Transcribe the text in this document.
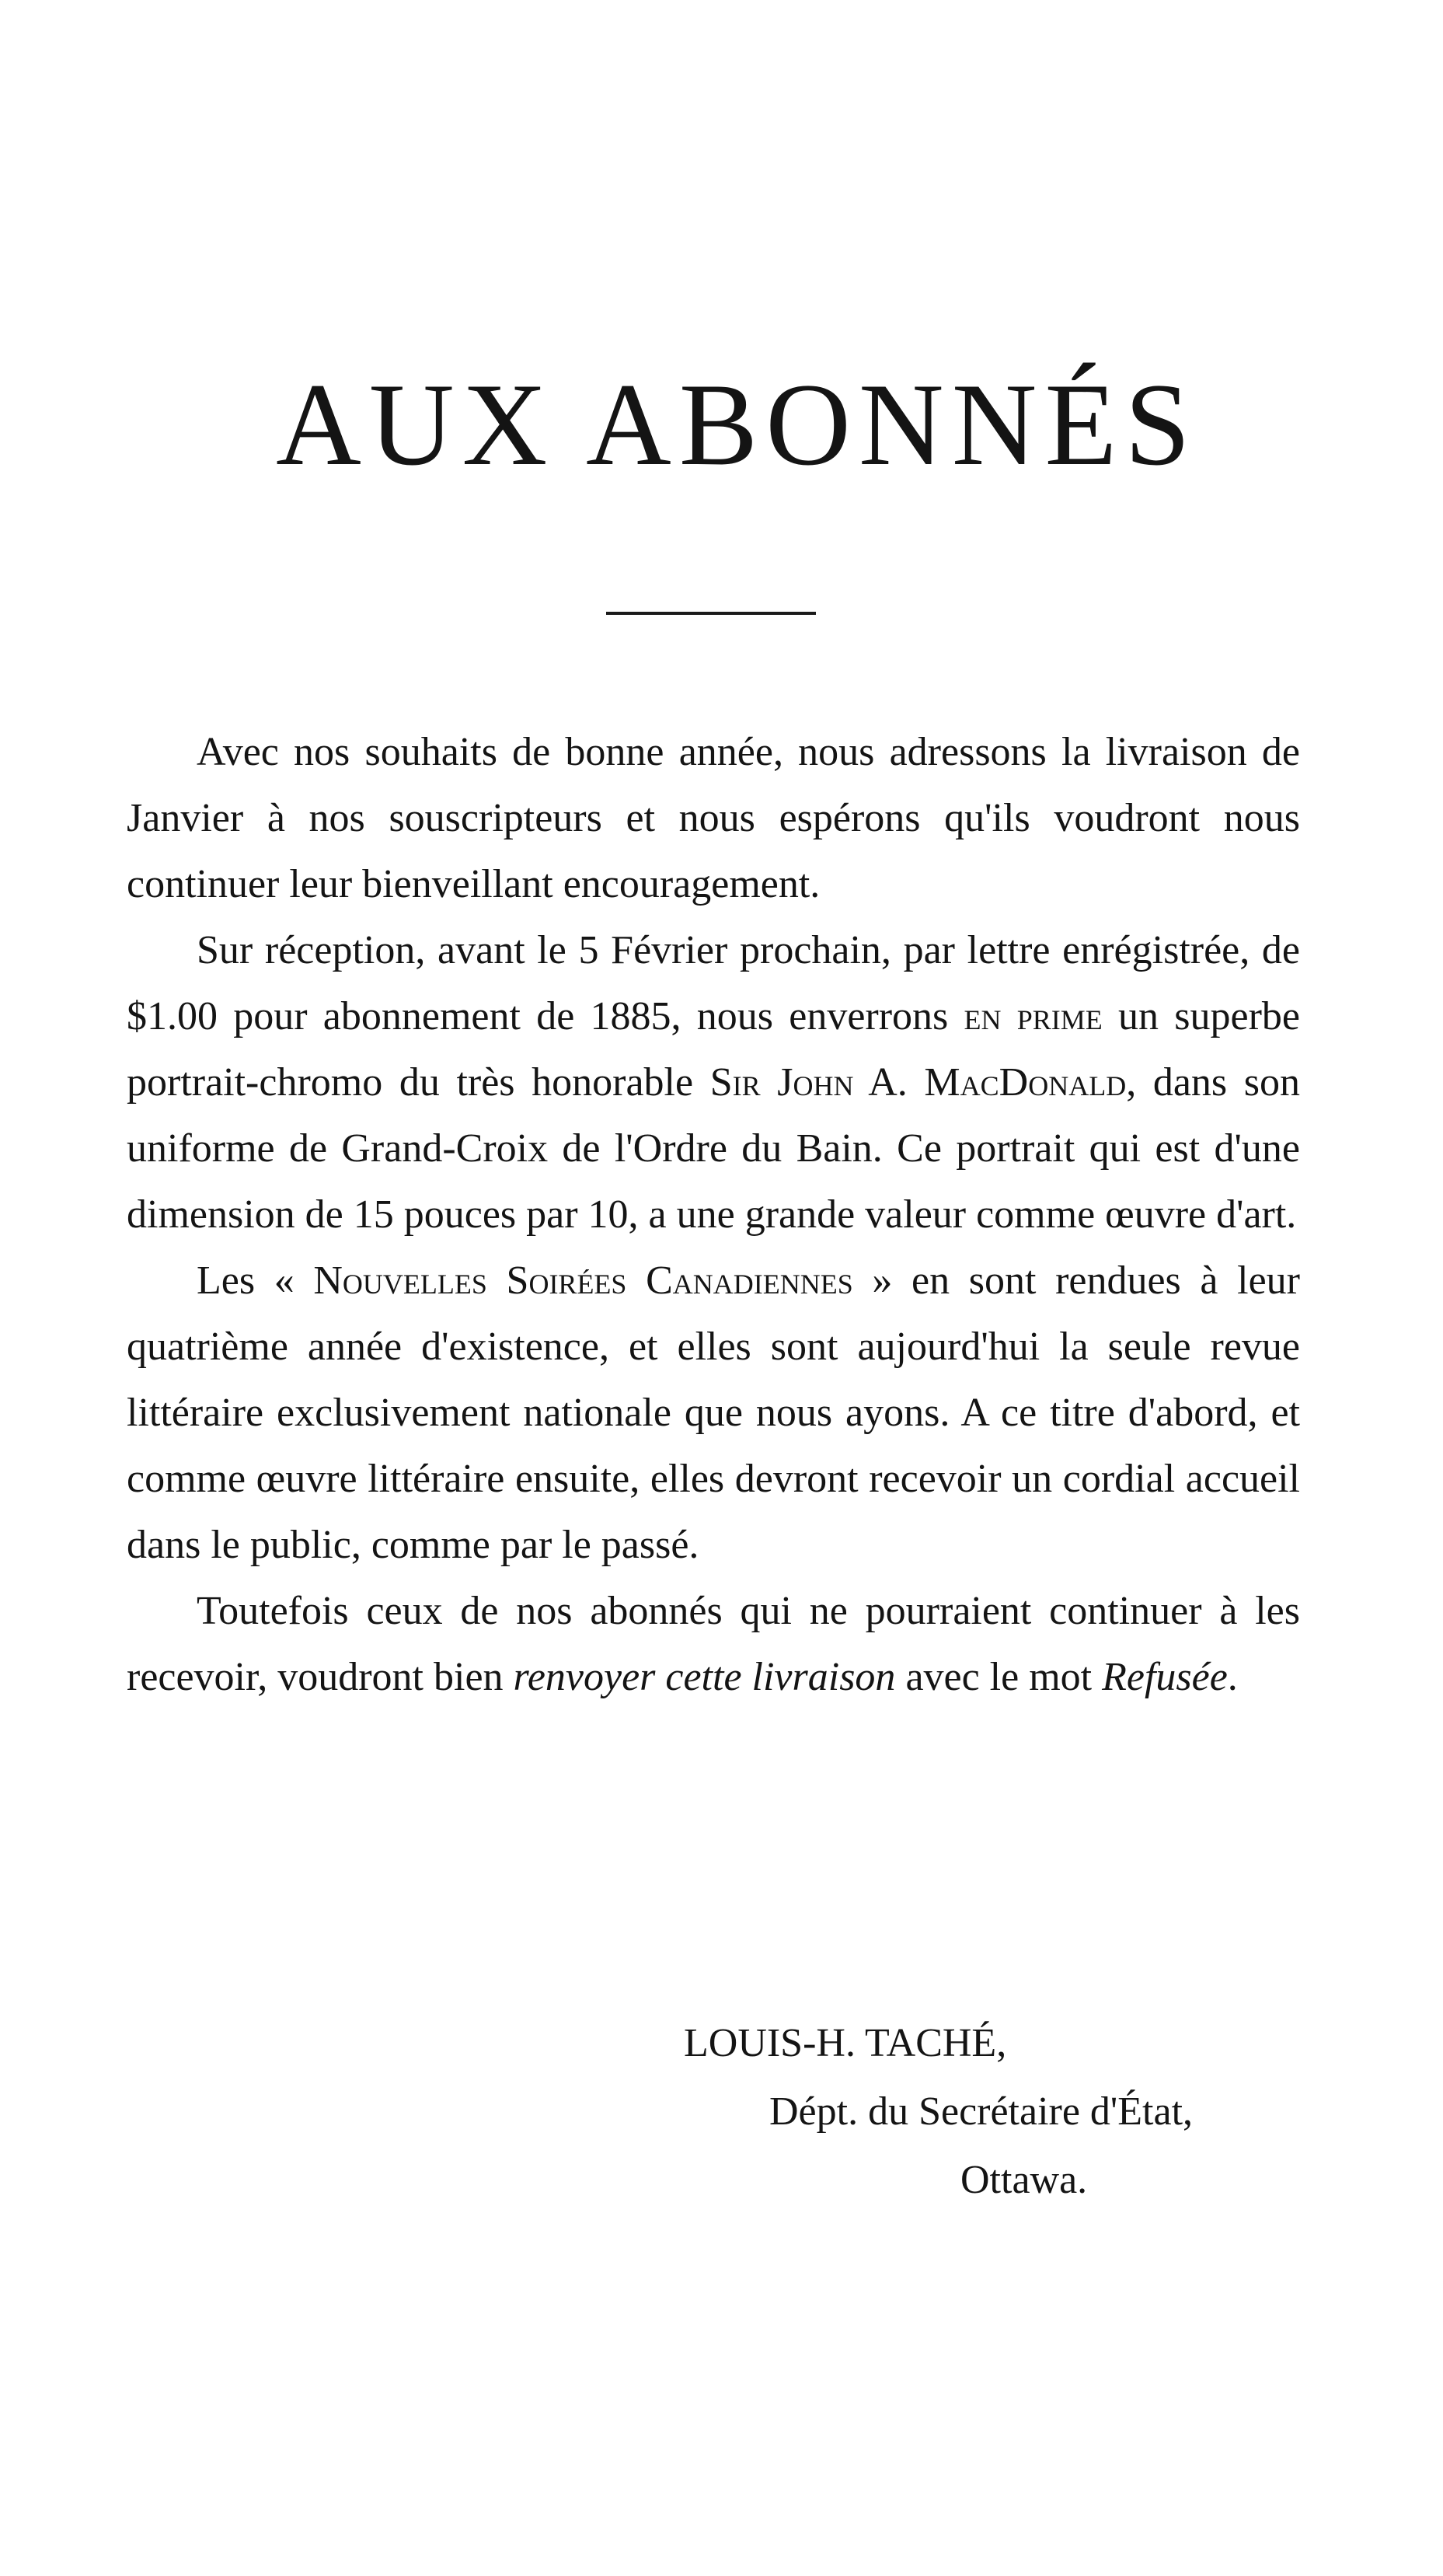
AUX ABONNÉS

Avec nos souhaits de bonne année, nous adressons la livraison de Janvier à nos souscripteurs et nous espérons qu'ils voudront nous continuer leur bienveillant encouragement.

Sur réception, avant le 5 Février prochain, par lettre enrégistrée, de $1.00 pour abonnement de 1885, nous enverrons en prime un superbe portrait-chromo du très honorable Sir John A. MacDonald, dans son uniforme de Grand-Croix de l'Ordre du Bain. Ce portrait qui est d'une dimension de 15 pouces par 10, a une grande valeur comme œuvre d'art.

Les « Nouvelles Soirées Canadiennes » en sont rendues à leur quatrième année d'existence, et elles sont aujourd'hui la seule revue littéraire exclusivement nationale que nous ayons. A ce titre d'abord, et comme œuvre littéraire ensuite, elles devront recevoir un cordial accueil dans le public, comme par le passé.

Toutefois ceux de nos abonnés qui ne pourraient continuer à les recevoir, voudront bien renvoyer cette livraison avec le mot Refusée.

LOUIS-H. TACHÉ,
Dépt. du Secrétaire d'État,
Ottawa.
